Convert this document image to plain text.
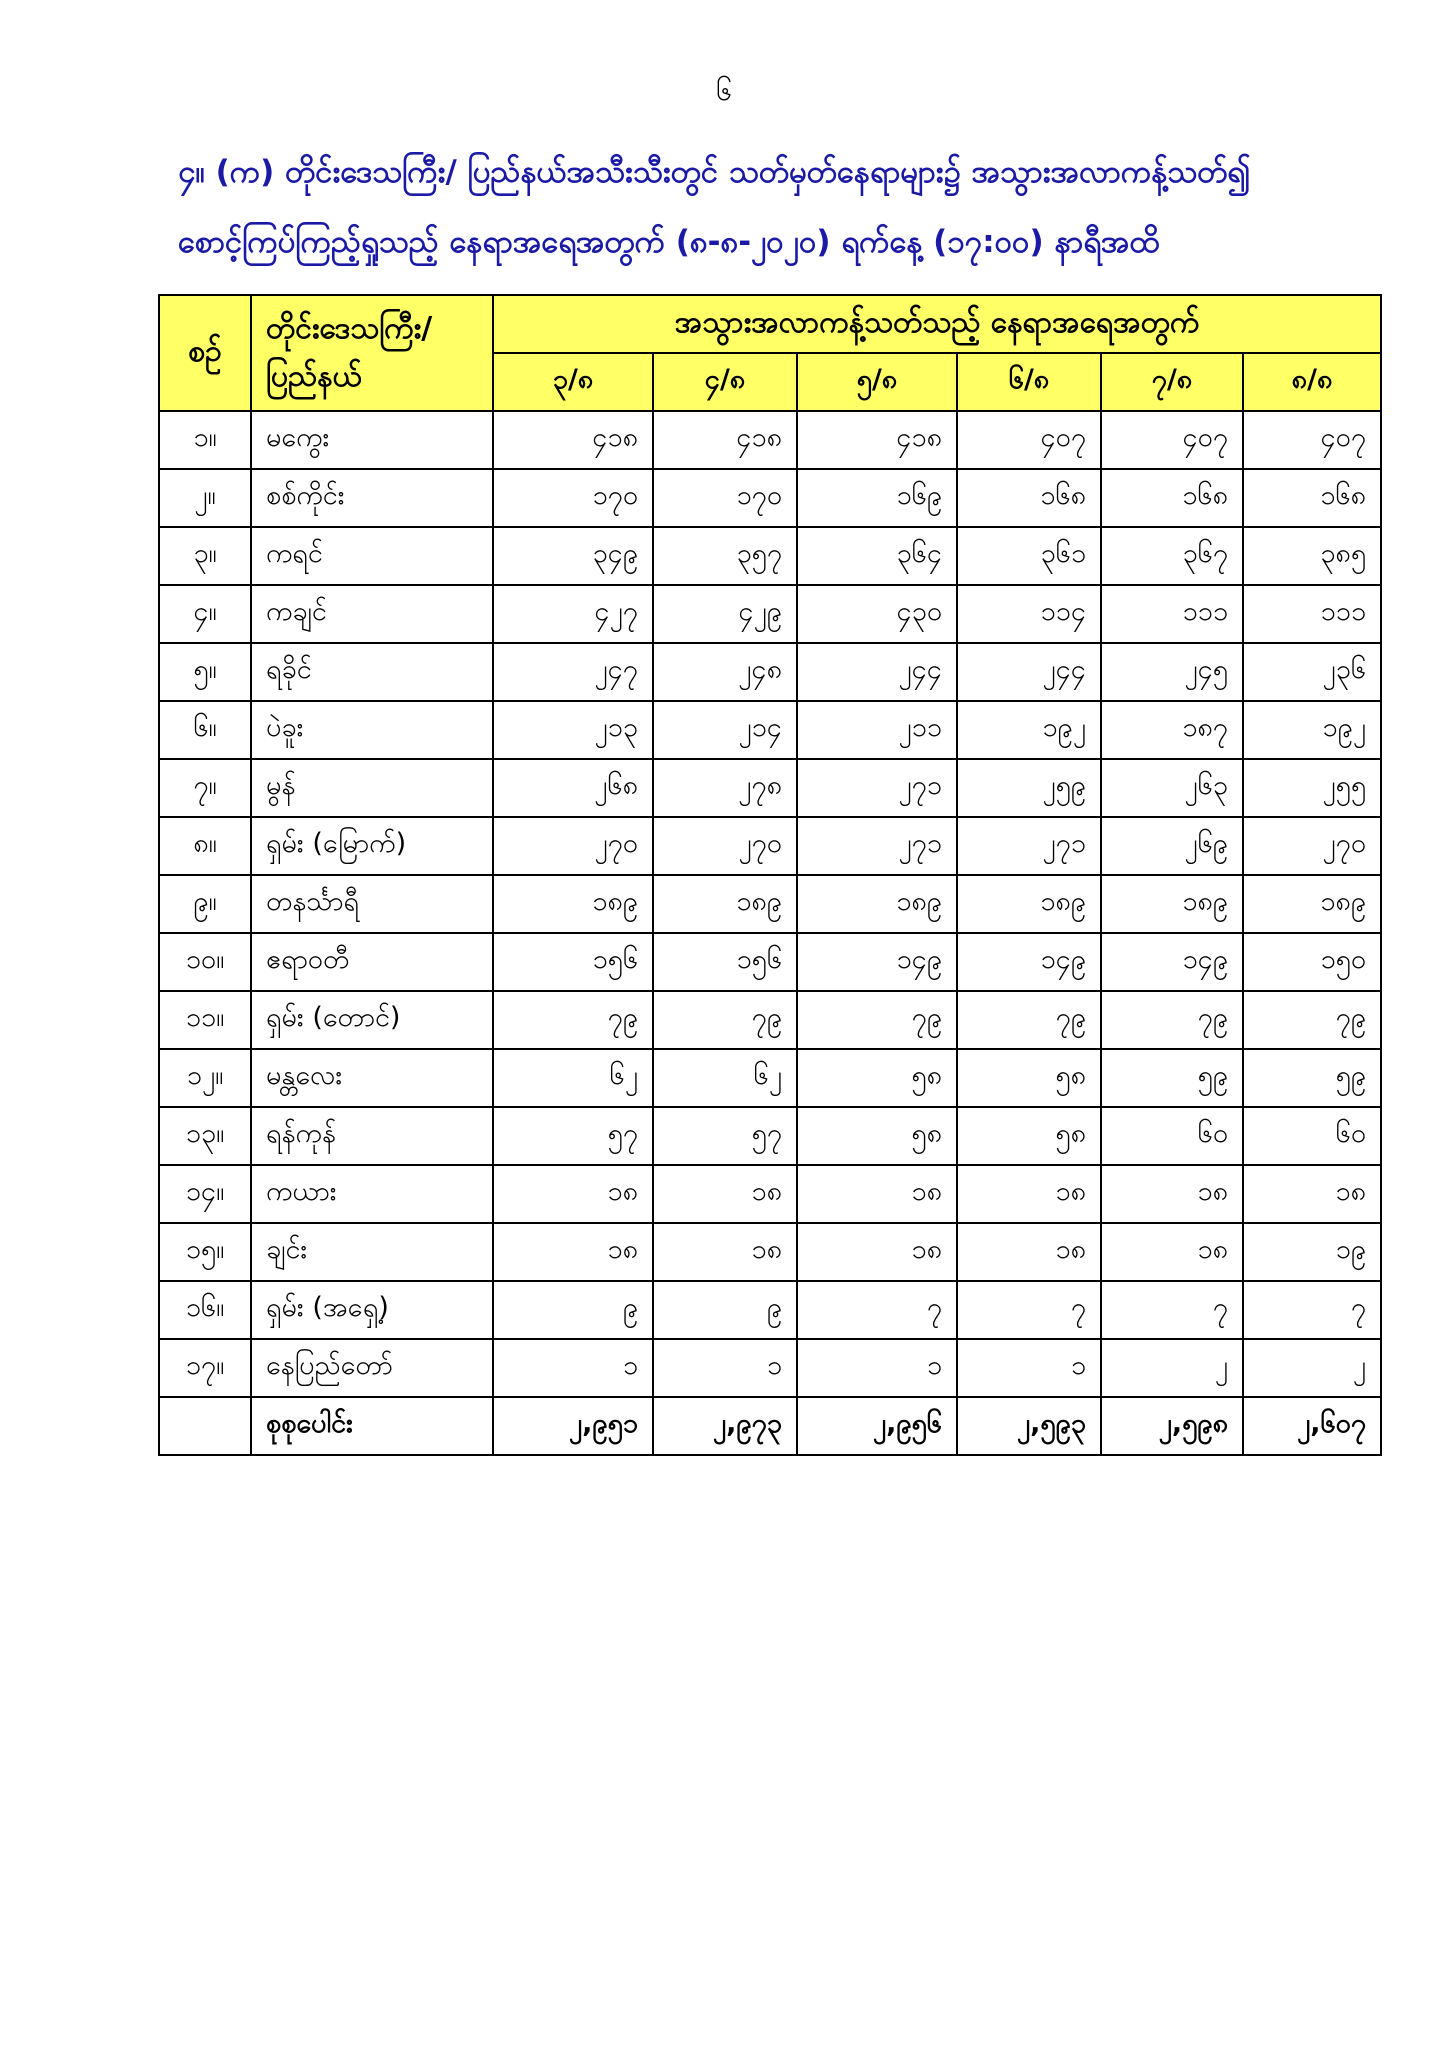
၆
၄။ (က) တိုင်းဒေသကြီး/ ပြည်နယ်အသီးသီးတွင် သတ်မှတ်နေရာများ၌ အသွားအလာကန့်သတ်၍
စောင့်ကြပ်ကြည့်ရှုသည့် နေရာအရေအတွက် (၈-၈-၂၀၂၀) ရက်နေ့ (၁၇:၀၀) နာရီအထိ
စဉ်	တိုင်းဒေသကြီး/
ပြည်နယ်	အသွားအလာကန့်သတ်သည့် နေရာအရေအတွက်					
		၃/၈	၄/၈	၅/၈	၆/၈	၇/၈	၈/၈
၁။	မကွေး	၄၁၈	၄၁၈	၄၁၈	၄၀၇	၄၀၇	၄၀၇
၂။	စစ်ကိုင်း	၁၇၀	၁၇၀	၁၆၉	၁၆၈	၁၆၈	၁၆၈
၃။	ကရင်	၃၄၉	၃၅၇	၃၆၄	၃၆၁	၃၆၇	၃၈၅
၄။	ကချင်	၄၂၇	၄၂၉	၄၃၀	၁၁၄	၁၁၁	၁၁၁
၅။	ရခိုင်	၂၄၇	၂၄၈	၂၄၄	၂၄၄	၂၄၅	၂၃၆
၆။	ပဲခူး	၂၁၃	၂၁၄	၂၁၁	၁၉၂	၁၈၇	၁၉၂
၇။	မွန်	၂၆၈	၂၇၈	၂၇၁	၂၅၉	၂၆၃	၂၅၅
၈။	ရှမ်း (မြောက်)	၂၇၀	၂၇၀	၂၇၁	၂၇၁	၂၆၉	၂၇၀
၉။	တနင်္သာရီ	၁၈၉	၁၈၉	၁၈၉	၁၈၉	၁၈၉	၁၈၉
၁၀။	ဧရာဝတီ	၁၅၆	၁၅၆	၁၄၉	၁၄၉	၁၄၉	၁၅၀
၁၁။	ရှမ်း (တောင်)	၇၉	၇၉	၇၉	၇၉	၇၉	၇၉
၁၂။	မန္တလေး	၆၂	၆၂	၅၈	၅၈	၅၉	၅၉
၁၃။	ရန်ကုန်	၅၇	၅၇	၅၈	၅၈	၆၀	၆၀
၁၄။	ကယား	၁၈	၁၈	၁၈	၁၈	၁၈	၁၈
၁၅။	ချင်း	၁၈	၁၈	၁၈	၁၈	၁၈	၁၉
၁၆။	ရှမ်း (အရှေ့)	၉	၉	၇	၇	၇	၇
၁၇။	နေပြည်တော်	၁	၁	၁	၁	၂	၂
	စုစုပေါင်း	၂,၉၅၁	၂,၉၇၃	၂,၉၅၆	၂,၅၉၃	၂,၅၉၈	၂,၆၀၇
